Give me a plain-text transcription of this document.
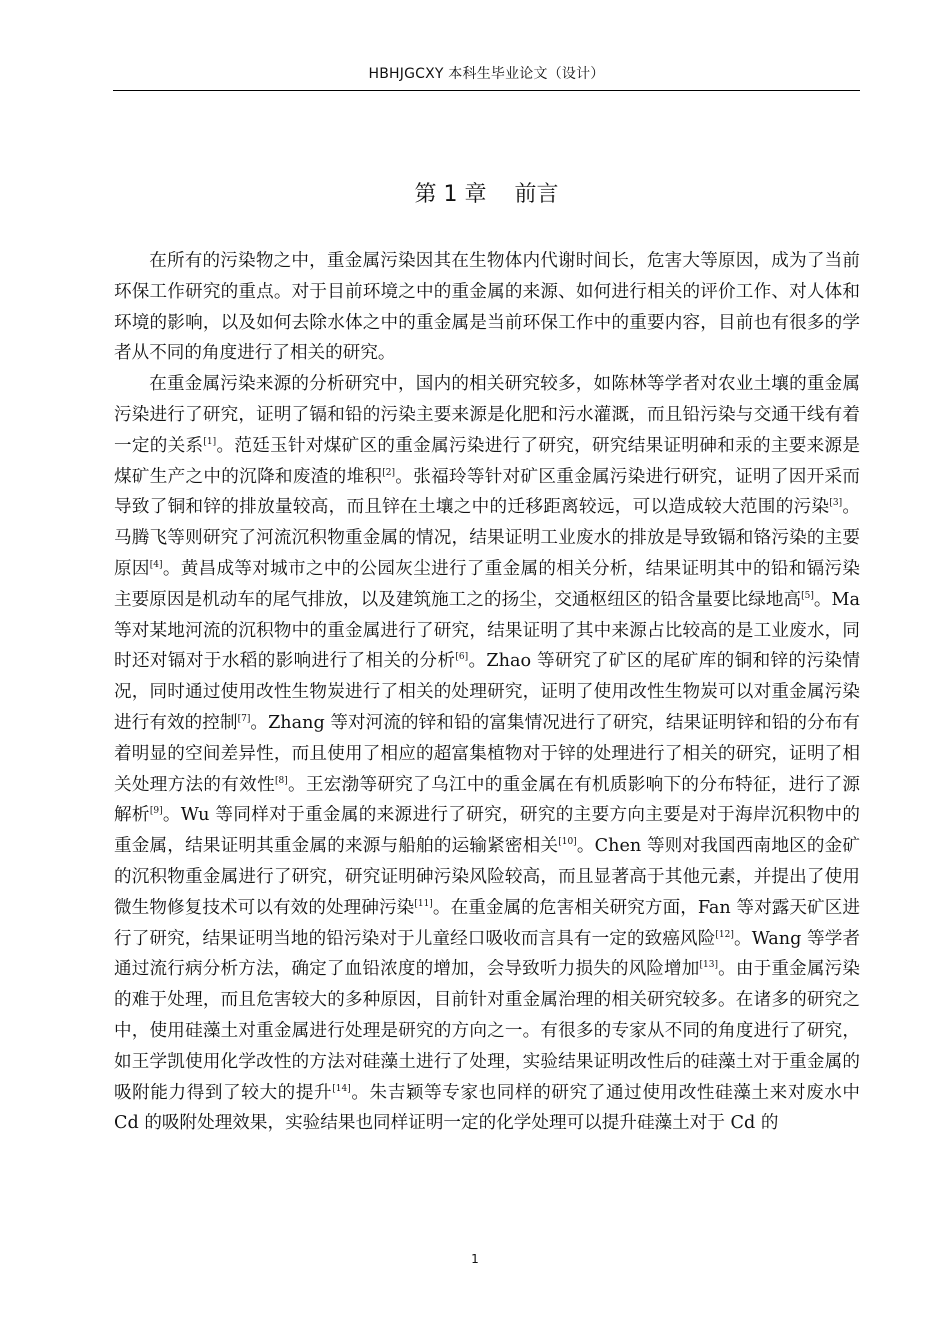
HBHJGCXY 本科生毕业论文（设计）
第 1 章    前言

在所有的污染物之中，重金属污染因其在生物体内代谢时间长，危害大等原因，成为了当前环保工作研究的重点。对于目前环境之中的重金属的来源、如何进行相关的评价工作、对人体和环境的影响，以及如何去除水体之中的重金属是当前环保工作中的重要内容，目前也有很多的学者从不同的角度进行了相关的研究。

在重金属污染来源的分析研究中，国内的相关研究较多，如陈林等学者对农业土壤的重金属污染进行了研究，证明了镉和铅的污染主要来源是化肥和污水灌溉，而且铅污染与交通干线有着一定的关系[1]。范廷玉针对煤矿区的重金属污染进行了研究，研究结果证明砷和汞的主要来源是煤矿生产之中的沉降和废渣的堆积[2]。张福玲等针对矿区重金属污染进行研究，证明了因开采而导致了铜和锌的排放量较高，而且锌在土壤之中的迁移距离较远，可以造成较大范围的污染[3]。马腾飞等则研究了河流沉积物重金属的情况，结果证明工业废水的排放是导致镉和铬污染的主要原因[4]。黄昌成等对城市之中的公园灰尘进行了重金属的相关分析，结果证明其中的铅和镉污染主要原因是机动车的尾气排放，以及建筑施工之的扬尘，交通枢纽区的铅含量要比绿地高[5]。Ma 等对某地河流的沉积物中的重金属进行了研究，结果证明了其中来源占比较高的是工业废水，同时还对镉对于水稻的影响进行了相关的分析[6]。Zhao 等研究了矿区的尾矿库的铜和锌的污染情况，同时通过使用改性生物炭进行了相关的处理研究，证明了使用改性生物炭可以对重金属污染进行有效的控制[7]。Zhang 等对河流的锌和铅的富集情况进行了研究，结果证明锌和铅的分布有着明显的空间差异性，而且使用了相应的超富集植物对于锌的处理进行了相关的研究，证明了相关处理方法的有效性[8]。王宏渤等研究了乌江中的重金属在有机质影响下的分布特征，进行了源解析[9]。Wu 等同样对于重金属的来源进行了研究，研究的主要方向主要是对于海岸沉积物中的重金属，结果证明其重金属的来源与船舶的运输紧密相关[10]。Chen 等则对我国西南地区的金矿的沉积物重金属进行了研究，研究证明砷污染风险较高，而且显著高于其他元素，并提出了使用微生物修复技术可以有效的处理砷污染[11]。在重金属的危害相关研究方面，Fan 等对露天矿区进行了研究，结果证明当地的铅污染对于儿童经口吸收而言具有一定的致癌风险[12]。Wang 等学者通过流行病分析方法，确定了血铅浓度的增加，会导致听力损失的风险增加[13]。由于重金属污染的难于处理，而且危害较大的多种原因，目前针对重金属治理的相关研究较多。在诸多的研究之中，使用硅藻土对重金属进行处理是研究的方向之一。有很多的专家从不同的角度进行了研究，如王学凯使用化学改性的方法对硅藻土进行了处理，实验结果证明改性后的硅藻土对于重金属的吸附能力得到了较大的提升[14]。朱吉颖等专家也同样的研究了通过使用改性硅藻土来对废水中 Cd 的吸附处理效果，实验结果也同样证明一定的化学处理可以提升硅藻土对于 Cd 的

1
